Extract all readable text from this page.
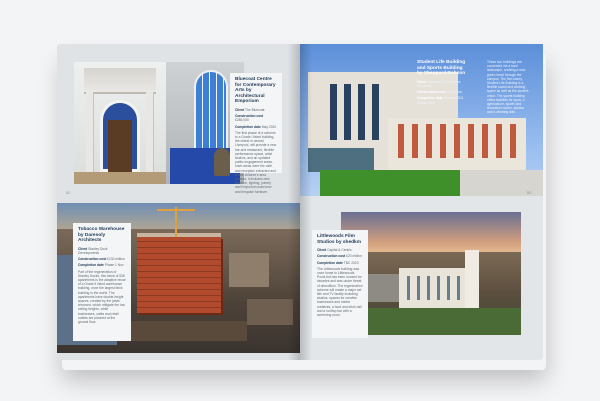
Bluecoat Centre for Contemporary Arts by Architectural Emporium

Client The Bluecoat

Construction cost £285,000

Completion date May 2020

The first phase of a scheme to a Grade I listed building, the oldest in central Liverpool, will provide a new bar and restaurant, flexible performance space, artist studios, and an updated public engagement areas. Inset areas were the café and reception extracted and a new children's area created. It includes new furniture, lighting, joinery and Emporium used new and bespoke furniture.

52
Tobacco Warehouse by Daresoly Architects

Client Stanley Dock Developments

Construction cost £130 million

Completion date Phase 1 Nov

Part of the regeneration of Stanley Docks, this block of 538 apartments is the adaptive reuse of a Grade II listed warehouse building, once the largest brick building in the world. The apartments have double-height spaces, created by the joists removed, which mitigate the low ceiling heights, while businesses, cafés and retail outlets are planned at the ground floor.

Student Life Building and Sports Building by Sheppard Robson

Client Liverpool John Moores University

Construction cost £45 million

Completion date January 2021 (phase one)

These two buildings are connected via a hard landscape, creating a new green heart through the campus. The five-storey Student Life Building is a flexible social and working space as well as the student union. The sports building offers facilities for sport, a gymnasium, sports and recreation rooms, studios and a climbing wall.

53
Littlewoods Film Studios by shedkm

Client Capital & Centric

Construction cost £20 million

Completion date TBC 2023

The Littlewoods building was once home to Littlewoods Pools but has been unused for decades and was under threat of demolition. The regeneration scheme will create a major set film and TV facility including studios, spaces for creative businesses and media creatives, a food and drink hall and a rooftop bar with a screening room.
